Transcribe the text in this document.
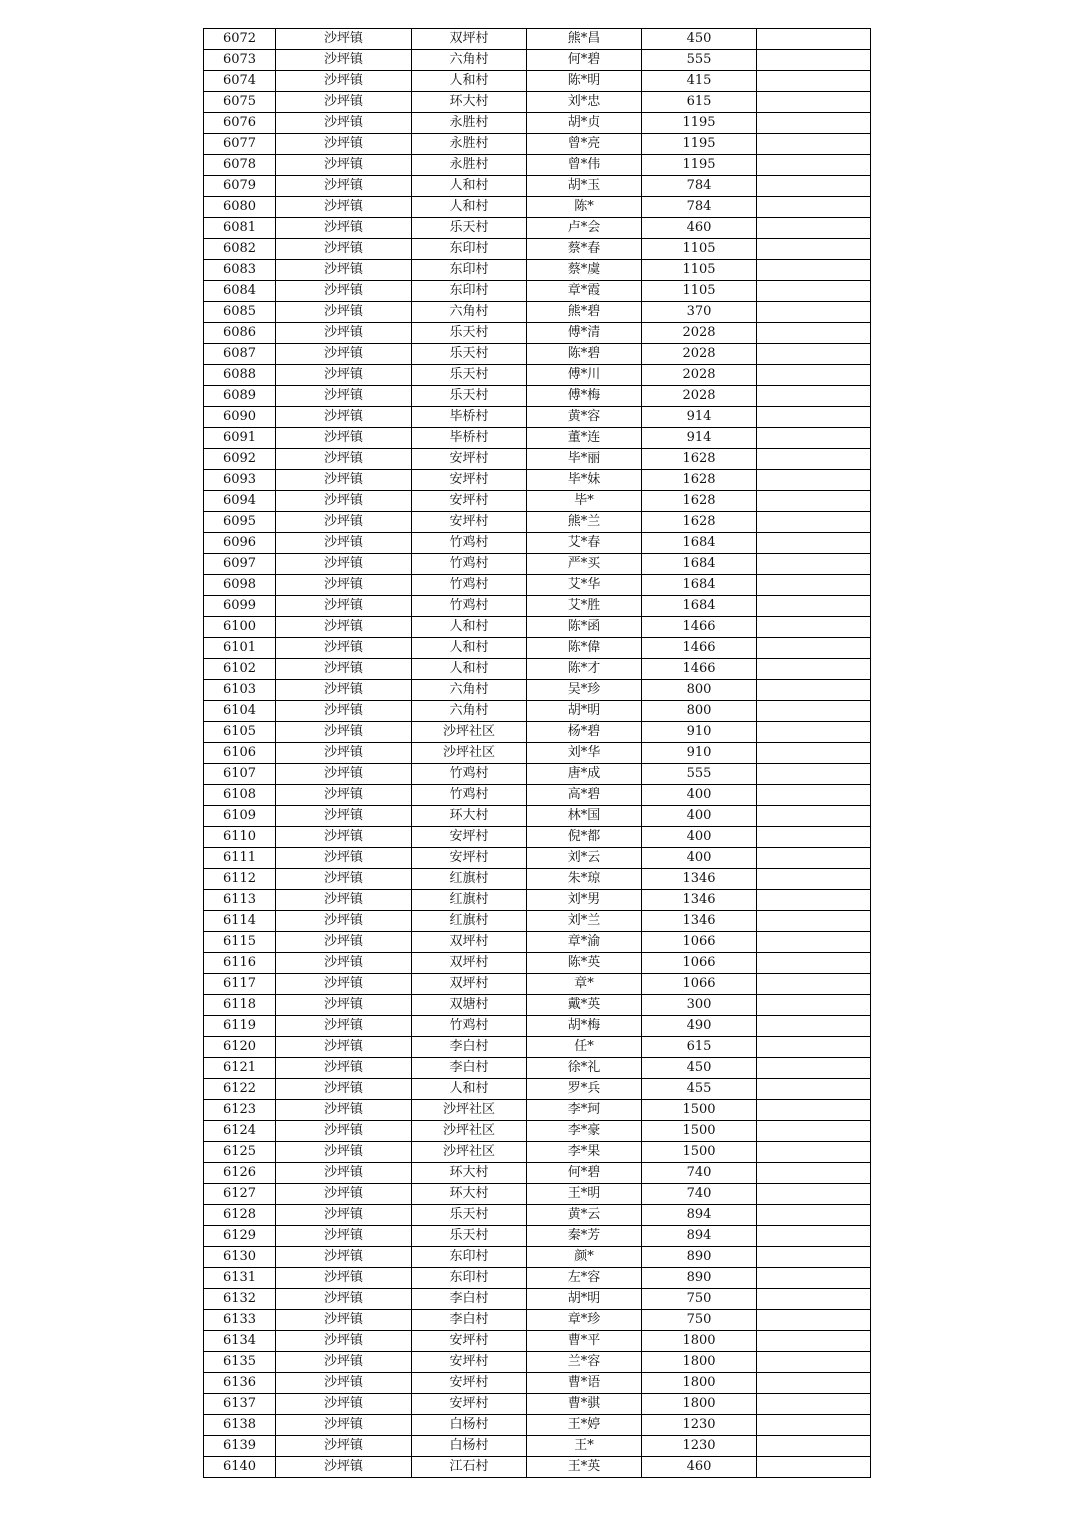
6072	沙坪镇	双坪村	熊*昌	450	
6073	沙坪镇	六角村	何*碧	555	
6074	沙坪镇	人和村	陈*明	415	
6075	沙坪镇	环大村	刘*忠	615	
6076	沙坪镇	永胜村	胡*贞	1195	
6077	沙坪镇	永胜村	曾*亮	1195	
6078	沙坪镇	永胜村	曾*伟	1195	
6079	沙坪镇	人和村	胡*玉	784	
6080	沙坪镇	人和村	陈*	784	
6081	沙坪镇	乐天村	卢*会	460	
6082	沙坪镇	东印村	蔡*春	1105	
6083	沙坪镇	东印村	蔡*虞	1105	
6084	沙坪镇	东印村	章*霞	1105	
6085	沙坪镇	六角村	熊*碧	370	
6086	沙坪镇	乐天村	傅*清	2028	
6087	沙坪镇	乐天村	陈*碧	2028	
6088	沙坪镇	乐天村	傅*川	2028	
6089	沙坪镇	乐天村	傅*梅	2028	
6090	沙坪镇	毕桥村	黄*容	914	
6091	沙坪镇	毕桥村	董*连	914	
6092	沙坪镇	安坪村	毕*丽	1628	
6093	沙坪镇	安坪村	毕*妹	1628	
6094	沙坪镇	安坪村	毕*	1628	
6095	沙坪镇	安坪村	熊*兰	1628	
6096	沙坪镇	竹鸡村	艾*春	1684	
6097	沙坪镇	竹鸡村	严*买	1684	
6098	沙坪镇	竹鸡村	艾*华	1684	
6099	沙坪镇	竹鸡村	艾*胜	1684	
6100	沙坪镇	人和村	陈*函	1466	
6101	沙坪镇	人和村	陈*偉	1466	
6102	沙坪镇	人和村	陈*才	1466	
6103	沙坪镇	六角村	吴*珍	800	
6104	沙坪镇	六角村	胡*明	800	
6105	沙坪镇	沙坪社区	杨*碧	910	
6106	沙坪镇	沙坪社区	刘*华	910	
6107	沙坪镇	竹鸡村	唐*成	555	
6108	沙坪镇	竹鸡村	高*碧	400	
6109	沙坪镇	环大村	林*国	400	
6110	沙坪镇	安坪村	倪*都	400	
6111	沙坪镇	安坪村	刘*云	400	
6112	沙坪镇	红旗村	朱*琼	1346	
6113	沙坪镇	红旗村	刘*男	1346	
6114	沙坪镇	红旗村	刘*兰	1346	
6115	沙坪镇	双坪村	章*渝	1066	
6116	沙坪镇	双坪村	陈*英	1066	
6117	沙坪镇	双坪村	章*	1066	
6118	沙坪镇	双塘村	戴*英	300	
6119	沙坪镇	竹鸡村	胡*梅	490	
6120	沙坪镇	李白村	任*	615	
6121	沙坪镇	李白村	徐*礼	450	
6122	沙坪镇	人和村	罗*兵	455	
6123	沙坪镇	沙坪社区	李*珂	1500	
6124	沙坪镇	沙坪社区	李*豪	1500	
6125	沙坪镇	沙坪社区	李*果	1500	
6126	沙坪镇	环大村	何*碧	740	
6127	沙坪镇	环大村	王*明	740	
6128	沙坪镇	乐天村	黄*云	894	
6129	沙坪镇	乐天村	秦*芳	894	
6130	沙坪镇	东印村	颜*	890	
6131	沙坪镇	东印村	左*容	890	
6132	沙坪镇	李白村	胡*明	750	
6133	沙坪镇	李白村	章*珍	750	
6134	沙坪镇	安坪村	曹*平	1800	
6135	沙坪镇	安坪村	兰*容	1800	
6136	沙坪镇	安坪村	曹*语	1800	
6137	沙坪镇	安坪村	曹*骐	1800	
6138	沙坪镇	白杨村	王*婷	1230	
6139	沙坪镇	白杨村	王*	1230	
6140	沙坪镇	江石村	王*英	460	
